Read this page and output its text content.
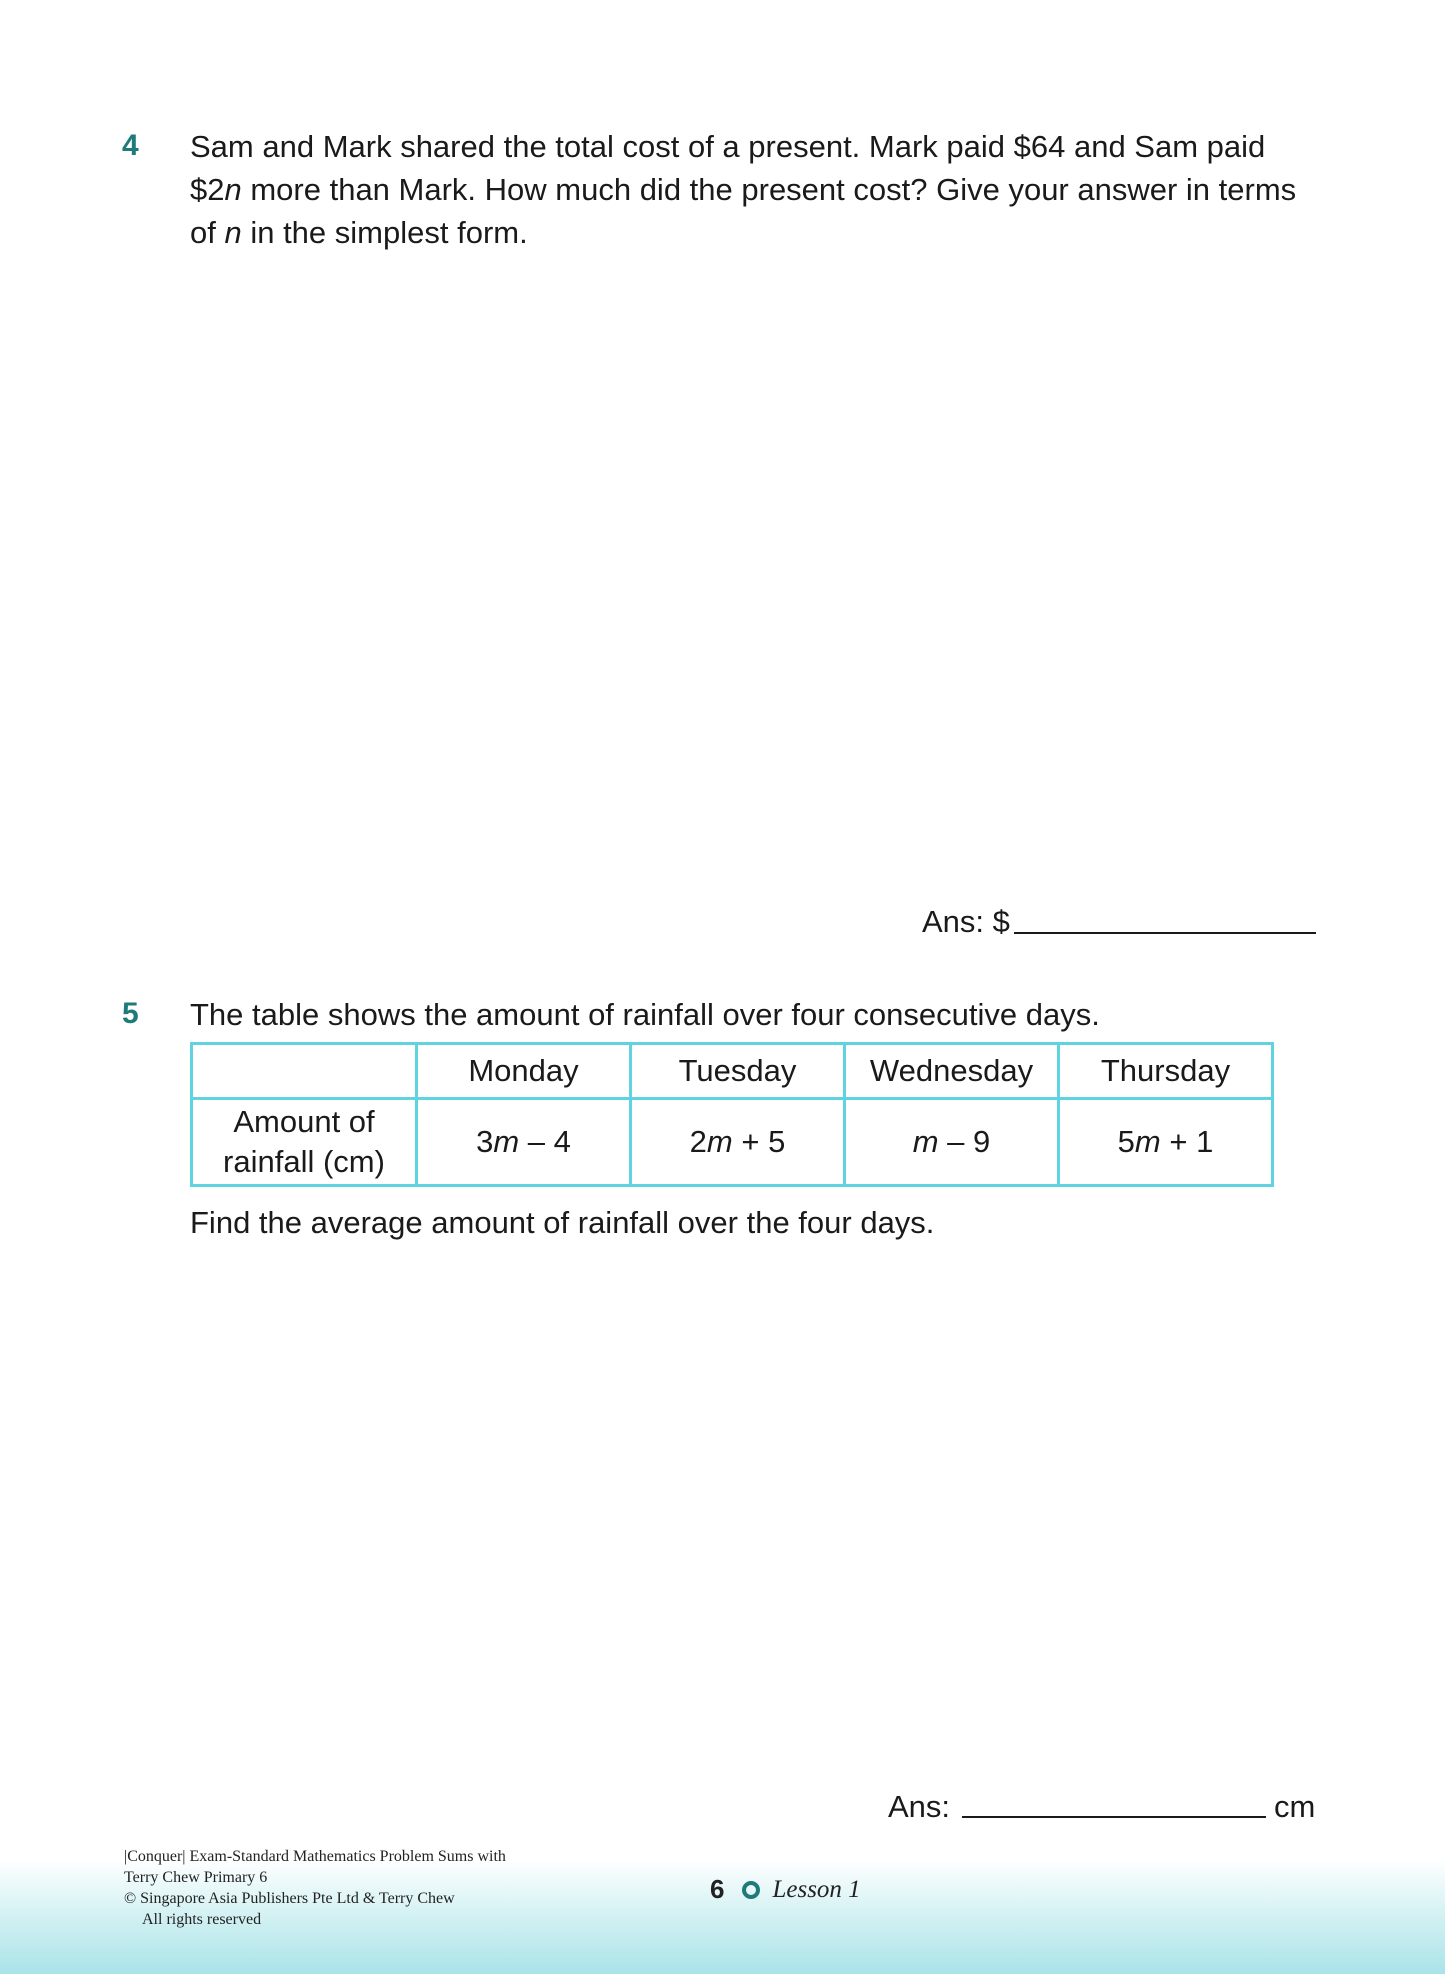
4 Sam and Mark shared the total cost of a present. Mark paid $64 and Sam paid
$2n more than Mark. How much did the present cost? Give your answer in terms
of n in the simplest form.
Ans: $
5 The table shows the amount of rainfall over four consecutive days.
	Monday	Tuesday	Wednesday	Thursday

Amount of
rainfall (cm)	3m – 4	2m + 5	m – 9	5m + 1
Find the average amount of rainfall over the four days.
Ans:	cm
|Conquer| Exam-Standard Mathematics Problem Sums with
Terry Chew Primary 6
© Singapore Asia Publishers Pte Ltd & Terry Chew
All rights reserved
6 Lesson 1
